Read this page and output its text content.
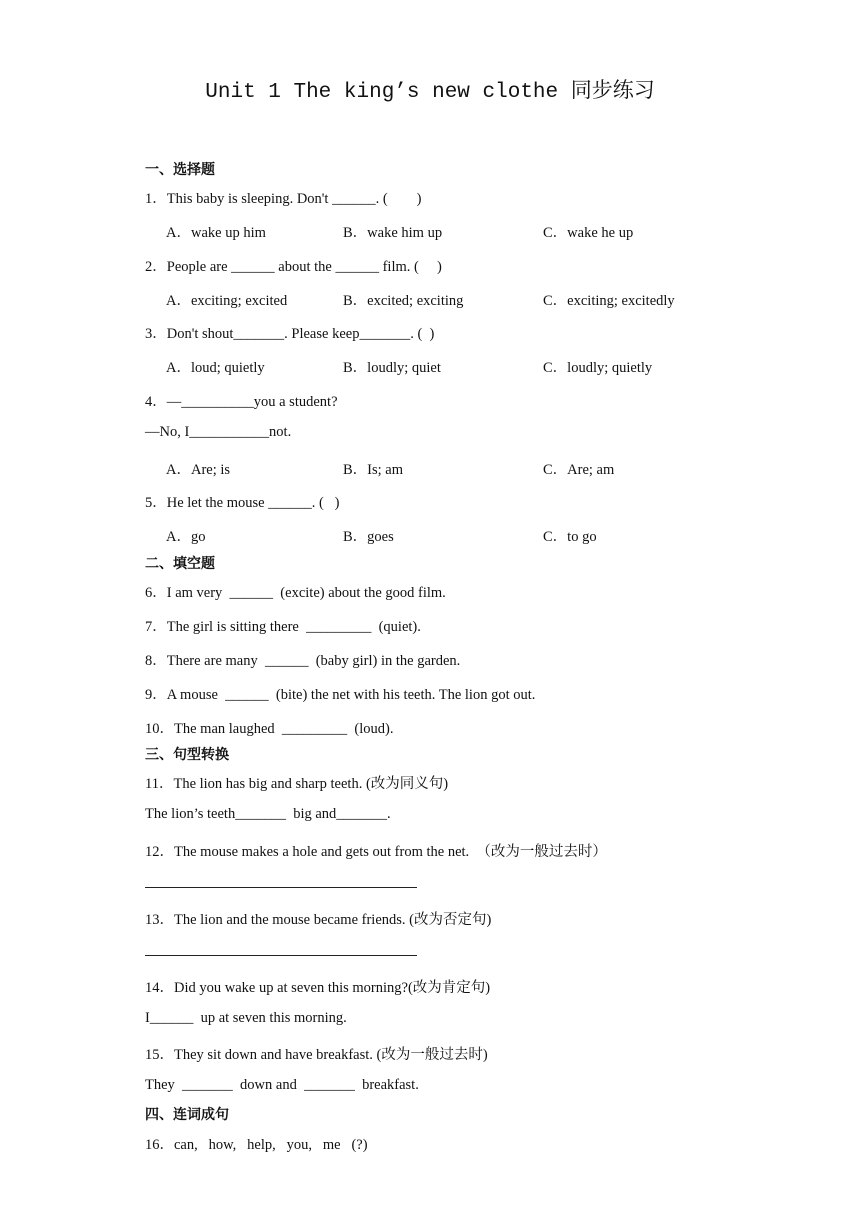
Unit 1 The king’s new clothe 同步练习
一、选择题
1．This baby is sleeping. Don't ______. (        )
A．wake up him	B．wake him up	C．wake he up
2．People are ______ about the ______ film. (     )
A．exciting; excited	B．excited; exciting	C．exciting; excitedly
3．Don't shout_______. Please keep_______. (  )
A．loud; quietly	B．loudly; quiet	C．loudly; quietly
4．—__________you a student?
—No, I___________not.
A．Are; is	B．Is; am	C．Are; am
5．He let the mouse ______. (   )
A．go	B．goes	C．to go
二、填空题
6．I am very  ______  (excite) about the good film.
7．The girl is sitting there  _________  (quiet).
8．There are many  ______  (baby girl) in the garden.
9．A mouse  ______  (bite) the net with his teeth. The lion got out.
10．The man laughed  _________  (loud).
三、句型转换
11．The lion has big and sharp teeth. (改为同义句)
The lion’s teeth_______  big and_______.
12．The mouse makes a hole and gets out from the net.  （改为一般过去时）
13．The lion and the mouse became friends. (改为否定句)
14．Did you wake up at seven this morning?(改为肯定句)
I______  up at seven this morning.
15．They sit down and have breakfast. (改为一般过去时)
They  _______  down and  _______  breakfast.
四、连词成句
16．can,   how,   help,   you,   me   (?)
